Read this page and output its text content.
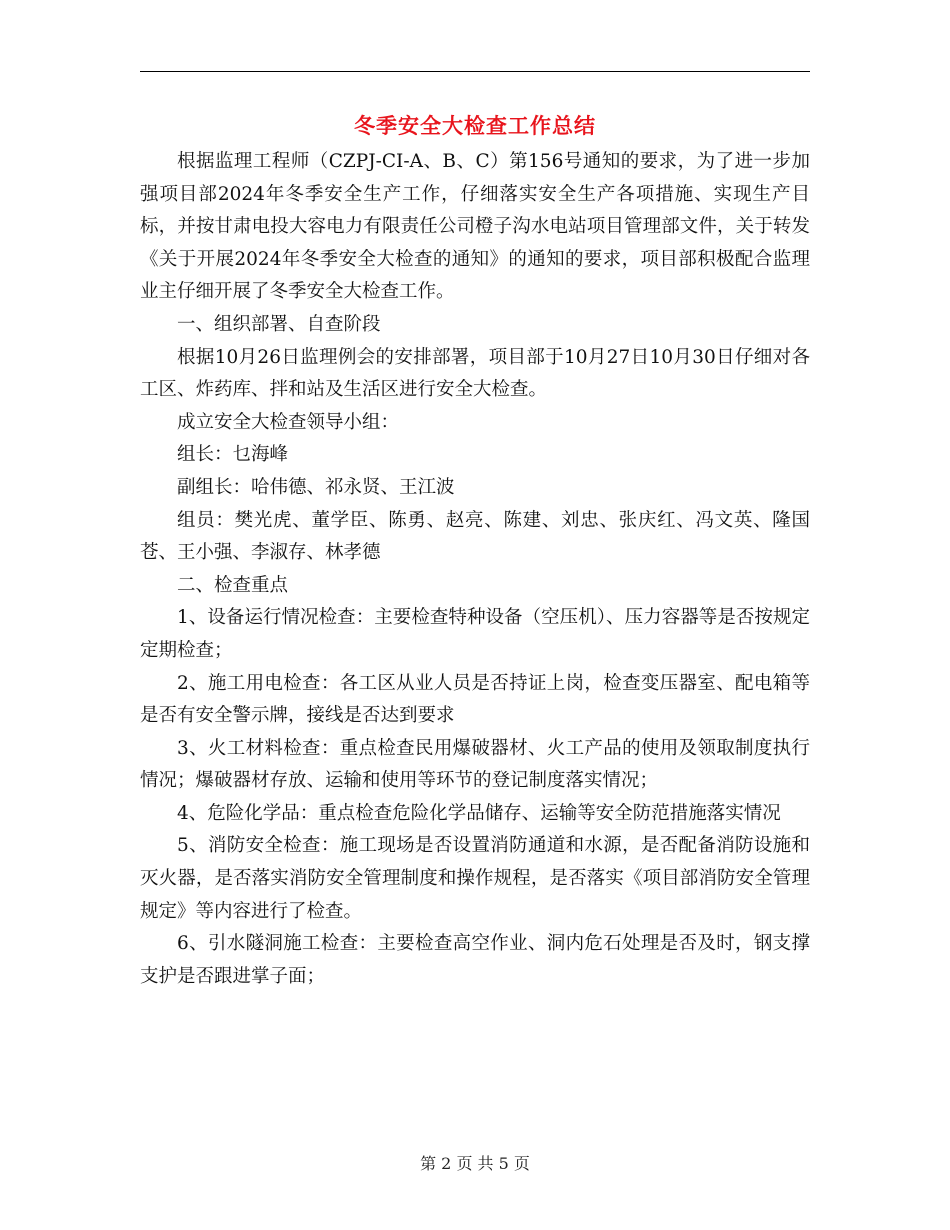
冬季安全大检查工作总结

根据监理工程师（CZPJ-CI-A、B、C）第156号通知的要求，为了进一步加强项目部2024年冬季安全生产工作，仔细落实安全生产各项措施、实现生产目标，并按甘肃电投大容电力有限责任公司橙子沟水电站项目管理部文件，关于转发《关于开展2024年冬季安全大检查的通知》的通知的要求，项目部积极配合监理业主仔细开展了冬季安全大检查工作。

一、组织部署、自查阶段

根据10月26日监理例会的安排部署，项目部于10月27日10月30日仔细对各工区、炸药库、拌和站及生活区进行安全大检查。

成立安全大检查领导小组：

组长：乜海峰

副组长：哈伟德、祁永贤、王江波

组员：樊光虎、董学臣、陈勇、赵亮、陈建、刘忠、张庆红、冯文英、隆国苍、王小强、李淑存、林孝德

二、检查重点

1、设备运行情况检查：主要检查特种设备（空压机）、压力容器等是否按规定定期检查；

2、施工用电检查：各工区从业人员是否持证上岗，检查变压器室、配电箱等是否有安全警示牌，接线是否达到要求

3、火工材料检查：重点检查民用爆破器材、火工产品的使用及领取制度执行情况；爆破器材存放、运输和使用等环节的登记制度落实情况；

4、危险化学品：重点检查危险化学品储存、运输等安全防范措施落实情况

5、消防安全检查：施工现场是否设置消防通道和水源，是否配备消防设施和灭火器，是否落实消防安全管理制度和操作规程，是否落实《项目部消防安全管理规定》等内容进行了检查。

6、引水隧洞施工检查：主要检查高空作业、洞内危石处理是否及时，钢支撑支护是否跟进掌子面；

第 2 页 共 5 页
